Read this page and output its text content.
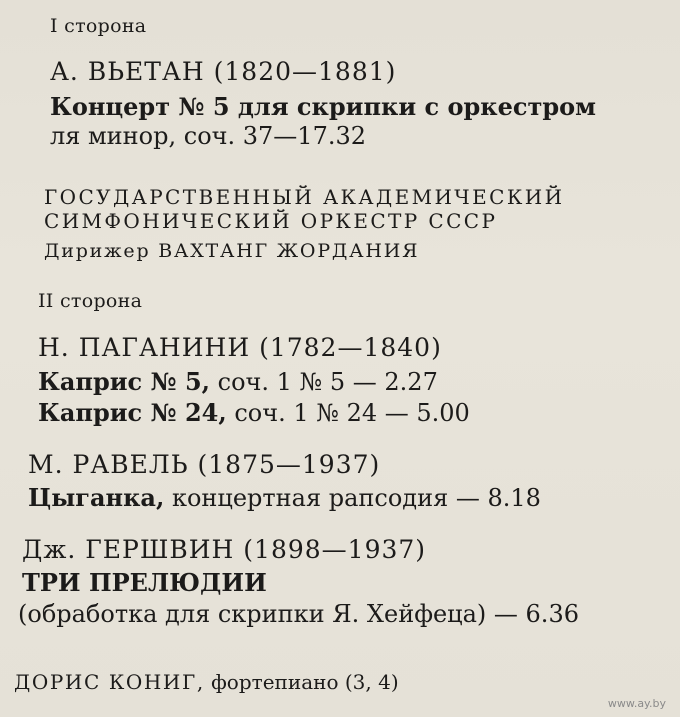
I сторона
А. ВЬЕТАН (1820—1881)
Концерт № 5 для скрипки с оркестром
ля минор, соч. 37—17.32
ГОСУДАРСТВЕННЫЙ АКАДЕМИЧЕСКИЙ
СИМФОНИЧЕСКИЙ ОРКЕСТР СССР
Дирижер ВАХТАНГ ЖОРДАНИЯ
II сторона
Н. ПАГАНИНИ (1782—1840)
Каприс № 5, соч. 1 № 5 — 2.27
Каприс № 24, соч. 1 № 24 — 5.00
М. РАВЕЛЬ (1875—1937)
Цыганка, концертная рапсодия — 8.18
Дж. ГЕРШВИН (1898—1937)
ТРИ ПРЕЛЮДИИ
(обработка для скрипки Я. Хейфеца) — 6.36
ДОРИС КОНИГ, фортепиано (3, 4)
www.ay.by
